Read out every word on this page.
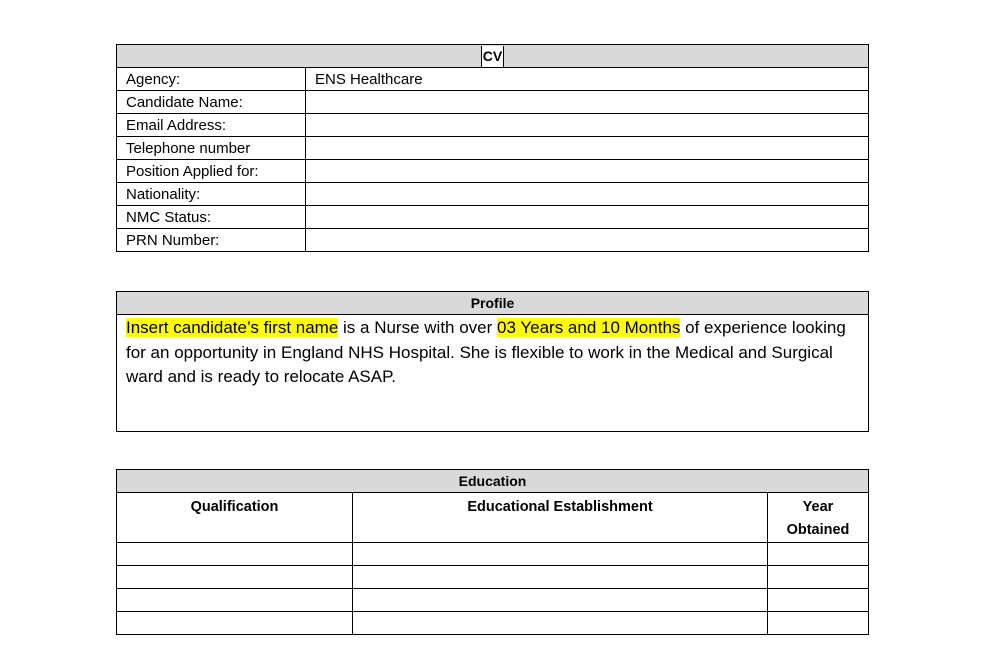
CV	
Agency:	ENS Healthcare
Candidate Name:	
Email Address:	
Telephone number	
Position Applied for:	
Nationality:	
NMC Status:	
PRN Number:	
Profile
Insert candidate’s first name is a Nurse with over 03 Years and 10 Months of experience looking for an opportunity in England NHS Hospital. She is flexible to work in the Medical and Surgical ward and is ready to relocate ASAP.
Education		
Qualification	Educational Establishment	Year
Obtained
